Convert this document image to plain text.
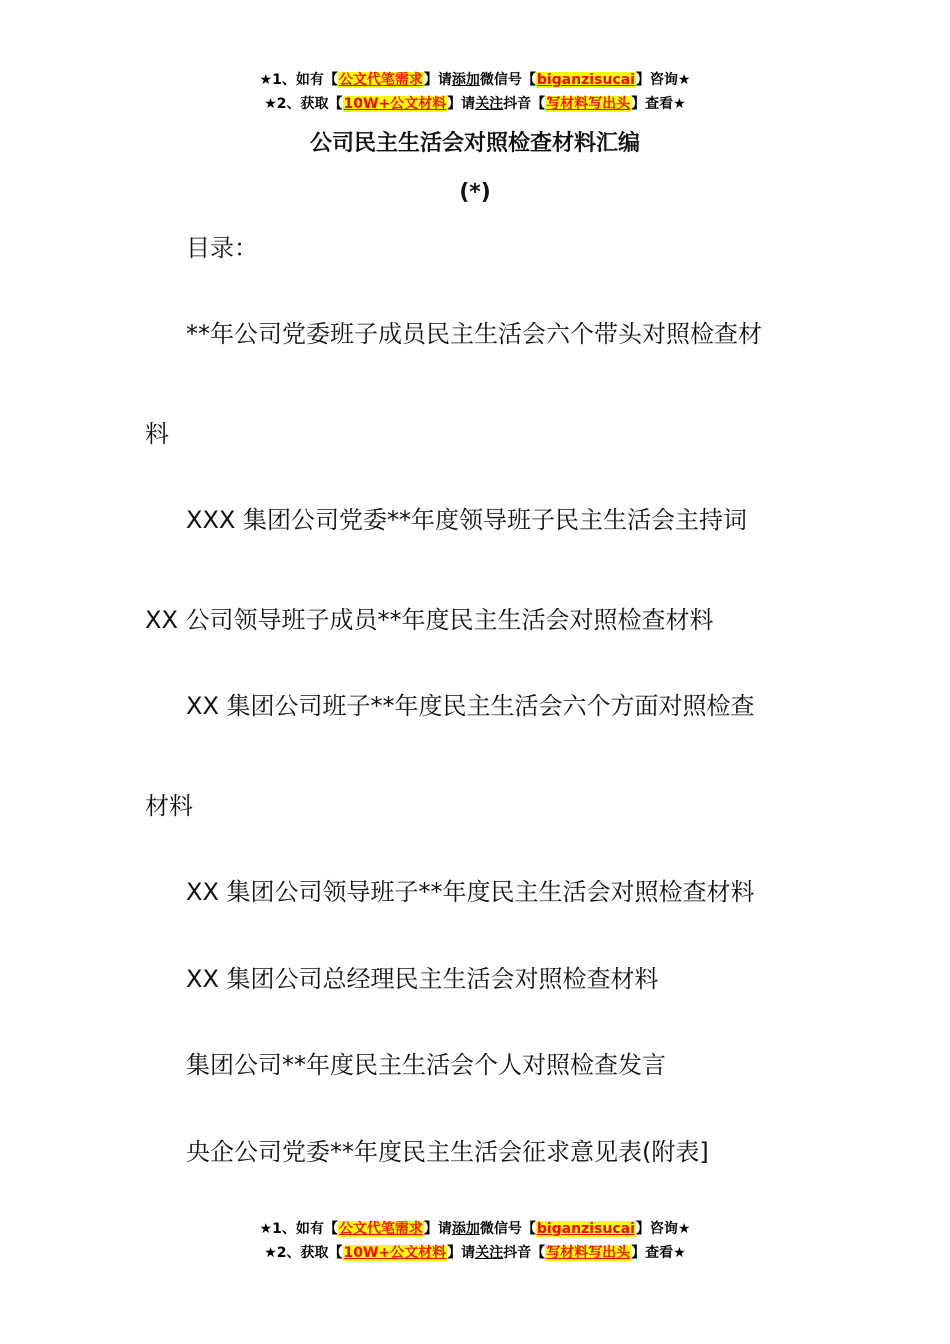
★1、如有【公文代笔需求】请添加微信号【biganzisucai】咨询★
★2、获取【10W+公文材料】请关注抖音【写材料写出头】查看★
公司民主生活会对照检查材料汇编
(*)
目录：
**年公司党委班子成员民主生活会六个带头对照检查材
料
XXX 集团公司党委**年度领导班子民主生活会主持词
XX 公司领导班子成员**年度民主生活会对照检查材料
XX 集团公司班子**年度民主生活会六个方面对照检查
材料
XX 集团公司领导班子**年度民主生活会对照检查材料
XX 集团公司总经理民主生活会对照检查材料
集团公司**年度民主生活会个人对照检查发言
央企公司党委**年度民主生活会征求意见表(附表]
★1、如有【公文代笔需求】请添加微信号【biganzisucai】咨询★
★2、获取【10W+公文材料】请关注抖音【写材料写出头】查看★
